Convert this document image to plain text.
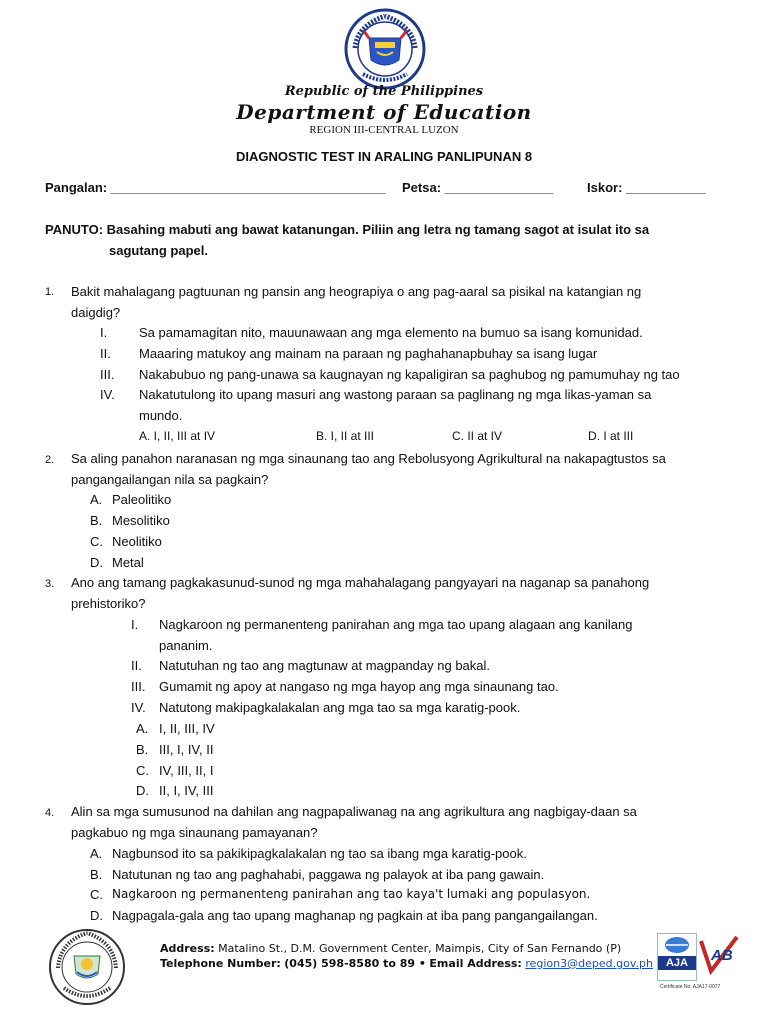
Republic of the Philippines
Department of Education
REGION III-CENTRAL LUZON
DIAGNOSTIC TEST IN ARALING PANLIPUNAN 8
Pangalan: ______________________________________ Petsa: _______________	Iskor: ___________
PANUTO: Basahing mabuti ang bawat katanungan. Piliin ang letra ng tamang sagot at isulat ito sa
sagutang papel.
1. Bakit mahalagang pagtuunan ng pansin ang heograpiya o ang pag-aaral sa pisikal na katangian ng
daigdig?
I. Sa pamamagitan nito, mauunawaan ang mga elemento na bumuo sa isang komunidad.
II. Maaaring matukoy ang mainam na paraan ng paghahanapbuhay sa isang lugar
III. Nakabubuo ng pang-unawa sa kaugnayan ng kapaligiran sa paghubog ng pamumuhay ng tao
IV. Nakatutulong ito upang masuri ang wastong paraan sa paglinang ng mga likas-yaman sa
mundo.
A. I, II, III at IV	B. I, II at III	C. II at IV	D. I at III
2. Sa aling panahon naranasan ng mga sinaunang tao ang Rebolusyong Agrikultural na nakapagtustos sa
pangangailangan nila sa pagkain?
A. Paleolitiko
B. Mesolitiko
C. Neolitiko
D. Metal
3. Ano ang tamang pagkakasunud-sunod ng mga mahahalagang pangyayari na naganap sa panahong
prehistoriko?
I. Nagkaroon ng permanenteng panirahan ang mga tao upang alagaan ang kanilang
pananim.
II. Natutuhan ng tao ang magtunaw at magpanday ng bakal.
III. Gumamit ng apoy at nangaso ng mga hayop ang mga sinaunang tao.
IV. Natutong makipagkalakalan ang mga tao sa mga karatig-pook.
A. I, II, III, IV
B. III, I, IV, II
C. IV, III, II, I
D. II, I, IV, III
4. Alin sa mga sumusunod na dahilan ang nagpapaliwanag na ang agrikultura ang nagbigay-daan sa
pagkabuo ng mga sinaunang pamayanan?
A. Nagbunsod ito sa pakikipagkalakalan ng tao sa ibang mga karatig-pook.
B. Natutunan ng tao ang paghahabi, paggawa ng palayok at iba pang gawain.
C. Nagkaroon ng permanenteng panirahan ang tao kaya't lumaki ang populasyon.
D. Nagpagala-gala ang tao upang maghanap ng pagkain at iba pang pangangailangan.
Address: Matalino St., D.M. Government Center, Maimpis, City of San Fernando (P)
Telephone Number: (045) 598-8580 to 89 • Email Address: region3@deped.gov.ph	AJA	AB
Certificate No. AJA17-0077
